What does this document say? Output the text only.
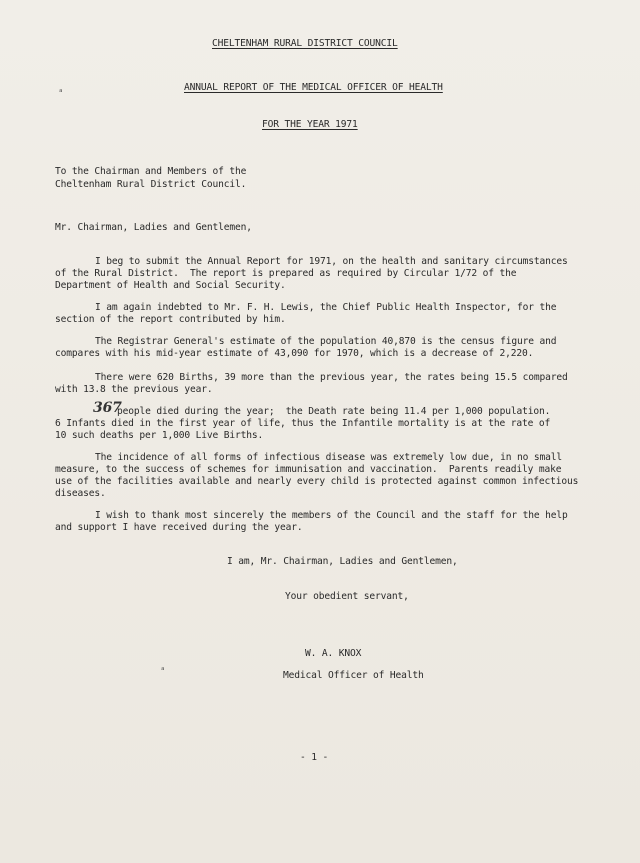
CHELTENHAM RURAL DISTRICT COUNCIL
ᵃ	ANNUAL REPORT OF THE MEDICAL OFFICER OF HEALTH
FOR THE YEAR 1971
To the Chairman and Members of the
Cheltenham Rural District Council.
Mr. Chairman, Ladies and Gentlemen,
I beg to submit the Annual Report for 1971, on the health and sanitary circumstances
of the Rural District.  The report is prepared as required by Circular 1/72 of the
Department of Health and Social Security.
I am again indebted to Mr. F. H. Lewis, the Chief Public Health Inspector, for the
section of the report contributed by him.
The Registrar General's estimate of the population 40,870 is the census figure and
compares with his mid-year estimate of 43,090 for 1970, which is a decrease of 2,220.
There were 620 Births, 39 more than the previous year, the rates being 15.5 compared
with 13.8 the previous year.
367
people died during the year;  the Death rate being 11.4 per 1,000 population.
6 Infants died in the first year of life, thus the Infantile mortality is at the rate of
10 such deaths per 1,000 Live Births.
The incidence of all forms of infectious disease was extremely low due, in no small
measure, to the success of schemes for immunisation and vaccination.  Parents readily make
use of the facilities available and nearly every child is protected against common infectious
diseases.
I wish to thank most sincerely the members of the Council and the staff for the help
and support I have received during the year.
I am, Mr. Chairman, Ladies and Gentlemen,
Your obedient servant,
W. A. KNOX
ᵃ	Medical Officer of Health
- 1 -
